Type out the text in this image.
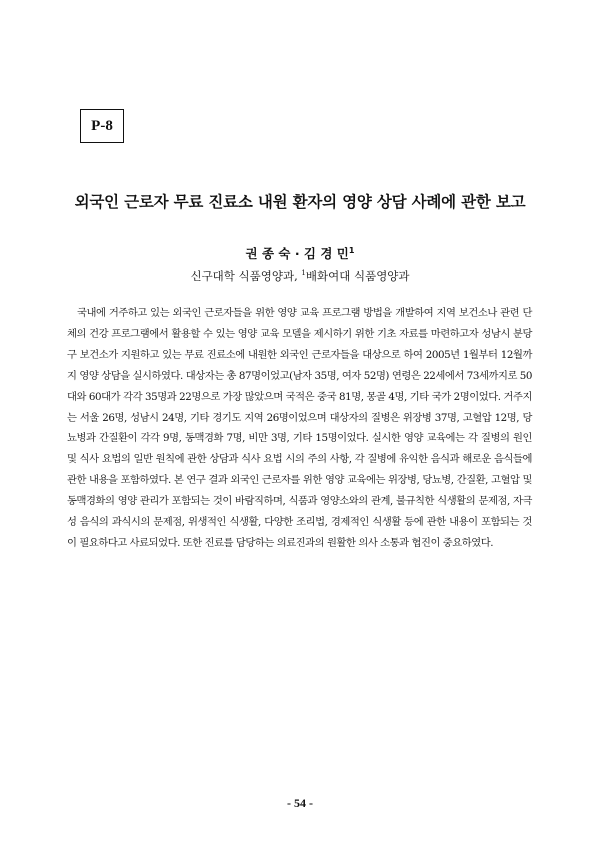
P-8
외국인 근로자 무료 진료소 내원 환자의 영양 상담 사례에 관한 보고
권 종 숙 · 김 경 민$^1$
신구대학 식품영양과, $^1$배화여대 식품영양과
국내에 거주하고 있는 외국인 근로자들을 위한 영양 교육 프로그램 방법을 개발하여 지역 보건소나 관련 단체의 건강 프로그램에서 활용할 수 있는 영양 교육 모델을 제시하기 위한 기초 자료를 마련하고자 성남시 분당구 보건소가 지원하고 있는 무료 진료소에 내원한 외국인 근로자들을 대상으로 하여 2005년 1월부터 12월까지 영양 상담을 실시하였다. 대상자는 총 87명이었고(남자 35명, 여자 52명) 연령은 22세에서 73세까지로 50대와 60대가 각각 35명과 22명으로 가장 많았으며 국적은 중국 81명, 몽골 4명, 기타 국가 2명이었다. 거주지는 서울 26명, 성남시 24명, 기타 경기도 지역 26명이었으며 대상자의 질병은 위장병 37명, 고혈압 12명, 당뇨병과 간질환이 각각 9명, 동맥경화 7명, 비만 3명, 기타 15명이었다. 실시한 영양 교육에는 각 질병의 원인 및 식사 요법의 일반 원칙에 관한 상담과 식사 요법 시의 주의 사항, 각 질병에 유익한 음식과 해로운 음식들에 관한 내용을 포함하였다. 본 연구 결과 외국인 근로자를 위한 영양 교육에는 위장병, 당뇨병, 간질환, 고혈압 및 동맥경화의 영양 관리가 포함되는 것이 바람직하며, 식품과 영양소와의 관계, 불규칙한 식생활의 문제점, 자극성 음식의 과식시의 문제점, 위생적인 식생활, 다양한 조리법, 경제적인 식생활 등에 관한 내용이 포함되는 것이 필요하다고 사료되었다. 또한 진료를 담당하는 의료진과의 원활한 의사 소통과 협진이 중요하였다.
- 54 -
